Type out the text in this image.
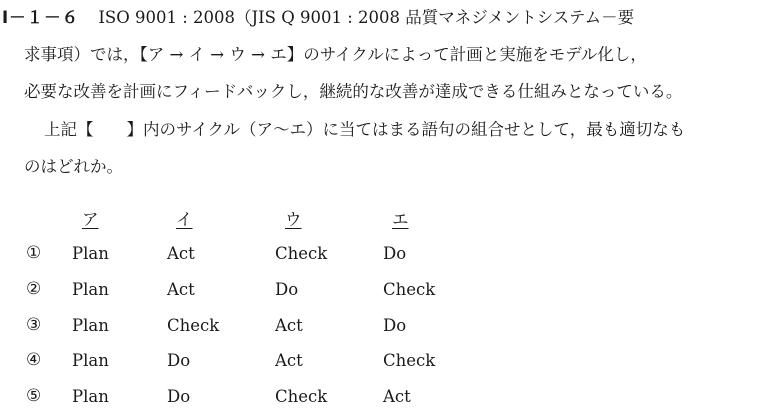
Ⅰ－１－６ ISO 9001 : 2008（JIS Q 9001 : 2008 品質マネジメントシステム－要
求事項）では，【ア → イ → ウ → エ】のサイクルによって計画と実施をモデル化し，
必要な改善を計画にフィードバックし，継続的な改善が達成できる仕組みとなっている。
上記【　　】内のサイクル（ア～エ）に当てはまる語句の組合せとして，最も適切なも
のはどれか。
ア	イ	ウ	エ
① Plan	Act	Check	Do
② Plan	Act	Do	Check
③ Plan	Check	Act	Do
④ Plan	Do	Act	Check
⑤ Plan	Do	Check	Act
